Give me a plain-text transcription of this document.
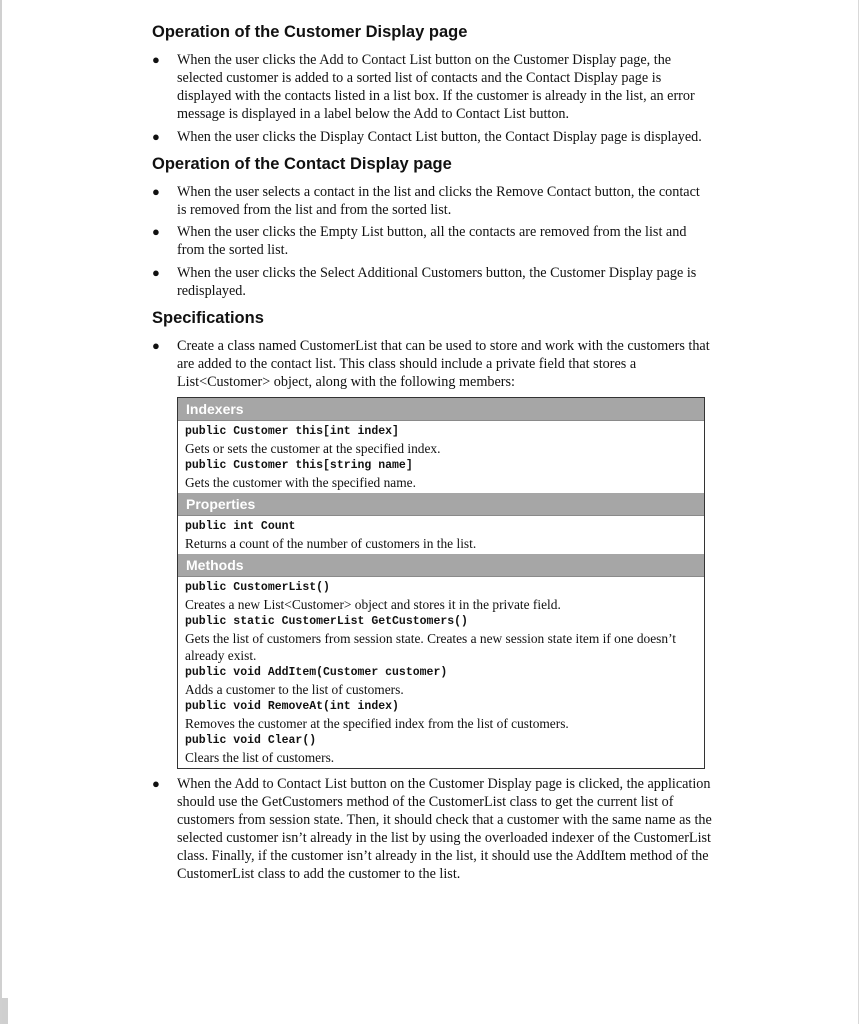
Operation of the Customer Display page
● When the user clicks the Add to Contact List button on the Customer Display page, the selected customer is added to a sorted list of contacts and the Contact Display page is displayed with the contacts listed in a list box. If the customer is already in the list, an error message is displayed in a label below the Add to Contact List button.
● When the user clicks the Display Contact List button, the Contact Display page is displayed.
Operation of the Contact Display page
● When the user selects a contact in the list and clicks the Remove Contact button, the contact is removed from the list and from the sorted list.
● When the user clicks the Empty List button, all the contacts are removed from the list and from the sorted list.
● When the user clicks the Select Additional Customers button, the Customer Display page is redisplayed.
Specifications
● Create a class named CustomerList that can be used to store and work with the customers that are added to the contact list. This class should include a private field that stores a List<Customer> object, along with the following members:
Indexers
public Customer this[int index]
Gets or sets the customer at the specified index.
public Customer this[string name]
Gets the customer with the specified name.
Properties
public int Count
Returns a count of the number of customers in the list.
Methods
public CustomerList()
Creates a new List<Customer> object and stores it in the private field.
public static CustomerList GetCustomers()
Gets the list of customers from session state. Creates a new session state item if one doesn’t already exist.
public void AddItem(Customer customer)
Adds a customer to the list of customers.
public void RemoveAt(int index)
Removes the customer at the specified index from the list of customers.
public void Clear()
Clears the list of customers.
● When the Add to Contact List button on the Customer Display page is clicked, the application should use the GetCustomers method of the CustomerList class to get the current list of customers from session state. Then, it should check that a customer with the same name as the selected customer isn’t already in the list by using the overloaded indexer of the CustomerList class. Finally, if the customer isn’t already in the list, it should use the AddItem method of the CustomerList class to add the customer to the list.
